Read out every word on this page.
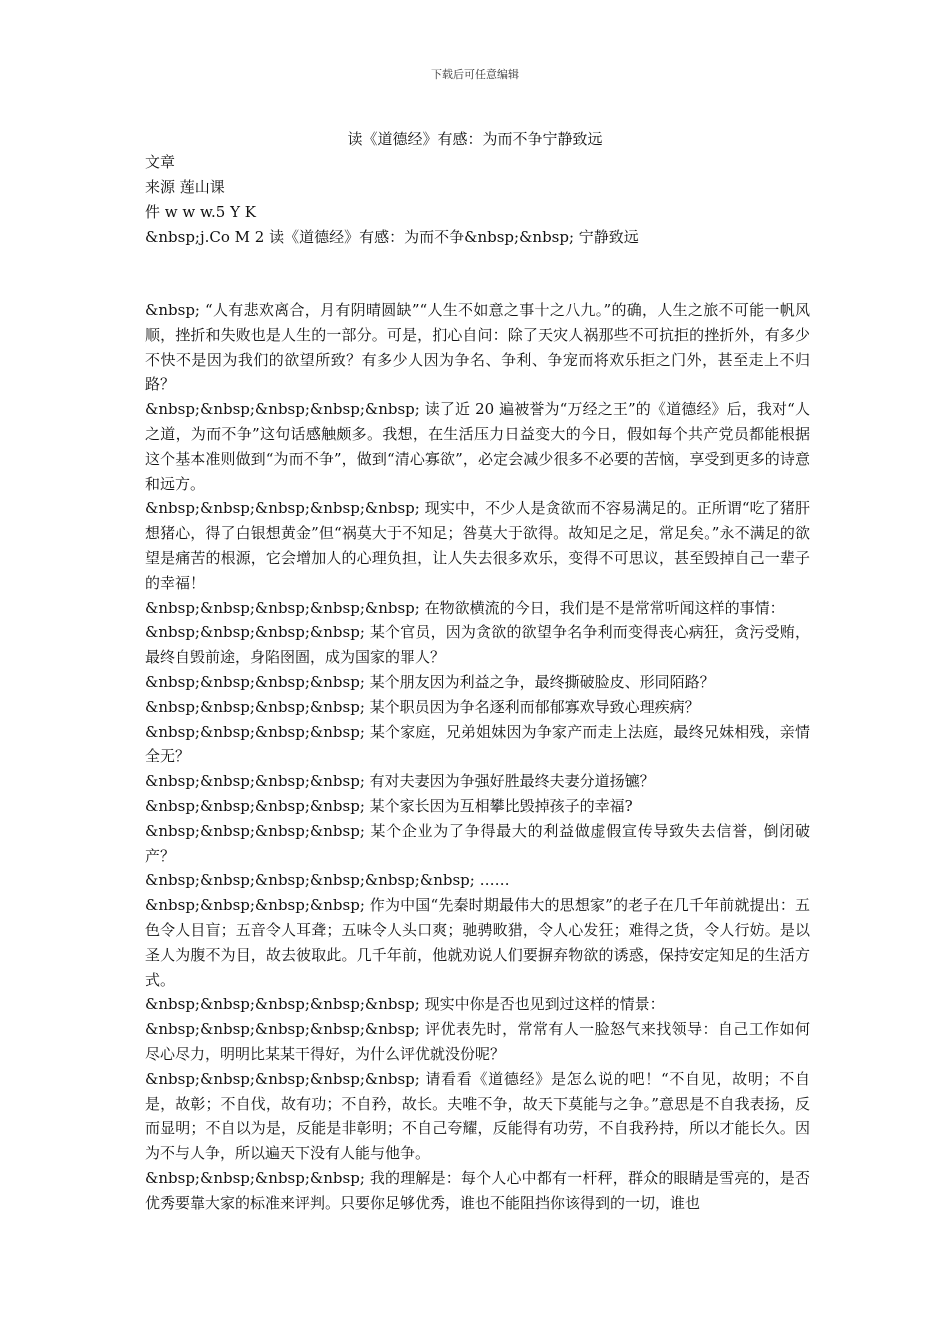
下载后可任意编辑
读《道德经》有感：为而不争宁静致远
文章
来源 莲山课
件 w w w.5 Y K
&nbsp;j.Co M 2 读《道德经》有感：为而不争&nbsp;&nbsp; 宁静致远

&nbsp; “人有悲欢离合，月有阴晴圆缺”“人生不如意之事十之八九。”的确，人生之旅不可能一帆风顺，挫折和失败也是人生的一部分。可是，扪心自问：除了天灾人祸那些不可抗拒的挫折外，有多少不快不是因为我们的欲望所致？有多少人因为争名、争利、争宠而将欢乐拒之门外，甚至走上不归路？

&nbsp;&nbsp;&nbsp;&nbsp;&nbsp; 读了近 20 遍被誉为“万经之王”的《道德经》后，我对“人之道，为而不争”这句话感触颇多。我想，在生活压力日益变大的今日，假如每个共产党员都能根据这个基本准则做到“为而不争”，做到“清心寡欲”，必定会减少很多不必要的苦恼，享受到更多的诗意和远方。

&nbsp;&nbsp;&nbsp;&nbsp;&nbsp; 现实中，不少人是贪欲而不容易满足的。正所谓“吃了猪肝想猪心，得了白银想黄金”但“祸莫大于不知足；咎莫大于欲得。故知足之足，常足矣。”永不满足的欲望是痛苦的根源，它会增加人的心理负担，让人失去很多欢乐，变得不可思议，甚至毁掉自己一辈子的幸福！

&nbsp;&nbsp;&nbsp;&nbsp;&nbsp; 在物欲横流的今日，我们是不是常常听闻这样的事情：

&nbsp;&nbsp;&nbsp;&nbsp; 某个官员，因为贪欲的欲望争名争利而变得丧心病狂，贪污受贿，最终自毁前途，身陷囹圄，成为国家的罪人？

&nbsp;&nbsp;&nbsp;&nbsp; 某个朋友因为利益之争，最终撕破脸皮、形同陌路？

&nbsp;&nbsp;&nbsp;&nbsp; 某个职员因为争名逐利而郁郁寡欢导致心理疾病？

&nbsp;&nbsp;&nbsp;&nbsp; 某个家庭，兄弟姐妹因为争家产而走上法庭，最终兄妹相残，亲情全无？

&nbsp;&nbsp;&nbsp;&nbsp; 有对夫妻因为争强好胜最终夫妻分道扬镳？

&nbsp;&nbsp;&nbsp;&nbsp; 某个家长因为互相攀比毁掉孩子的幸福?

&nbsp;&nbsp;&nbsp;&nbsp; 某个企业为了争得最大的利益做虚假宣传导致失去信誉，倒闭破产？

&nbsp;&nbsp;&nbsp;&nbsp;&nbsp;&nbsp; ……

&nbsp;&nbsp;&nbsp;&nbsp; 作为中国“先秦时期最伟大的思想家”的老子在几千年前就提出：五色令人目盲；五音令人耳聋；五味令人头口爽；驰骋畋猎，令人心发狂；难得之货，令人行妨。是以圣人为腹不为目，故去彼取此。几千年前，他就劝说人们要摒弃物欲的诱惑，保持安定知足的生活方式。

&nbsp;&nbsp;&nbsp;&nbsp;&nbsp; 现实中你是否也见到过这样的情景：

&nbsp;&nbsp;&nbsp;&nbsp;&nbsp; 评优表先时，常常有人一脸怒气来找领导：自己工作如何尽心尽力，明明比某某干得好，为什么评优就没份呢？

&nbsp;&nbsp;&nbsp;&nbsp;&nbsp; 请看看《道德经》是怎么说的吧！“不自见，故明；不自是，故彰；不自伐，故有功；不自矜，故长。夫唯不争，故天下莫能与之争。”意思是不自我表扬，反而显明；不自以为是，反能是非彰明；不自己夸耀，反能得有功劳，不自我矜持，所以才能长久。因为不与人争，所以遍天下没有人能与他争。

&nbsp;&nbsp;&nbsp;&nbsp; 我的理解是：每个人心中都有一杆秤，群众的眼睛是雪亮的，是否优秀要靠大家的标准来评判。只要你足够优秀，谁也不能阻挡你该得到的一切，谁也
